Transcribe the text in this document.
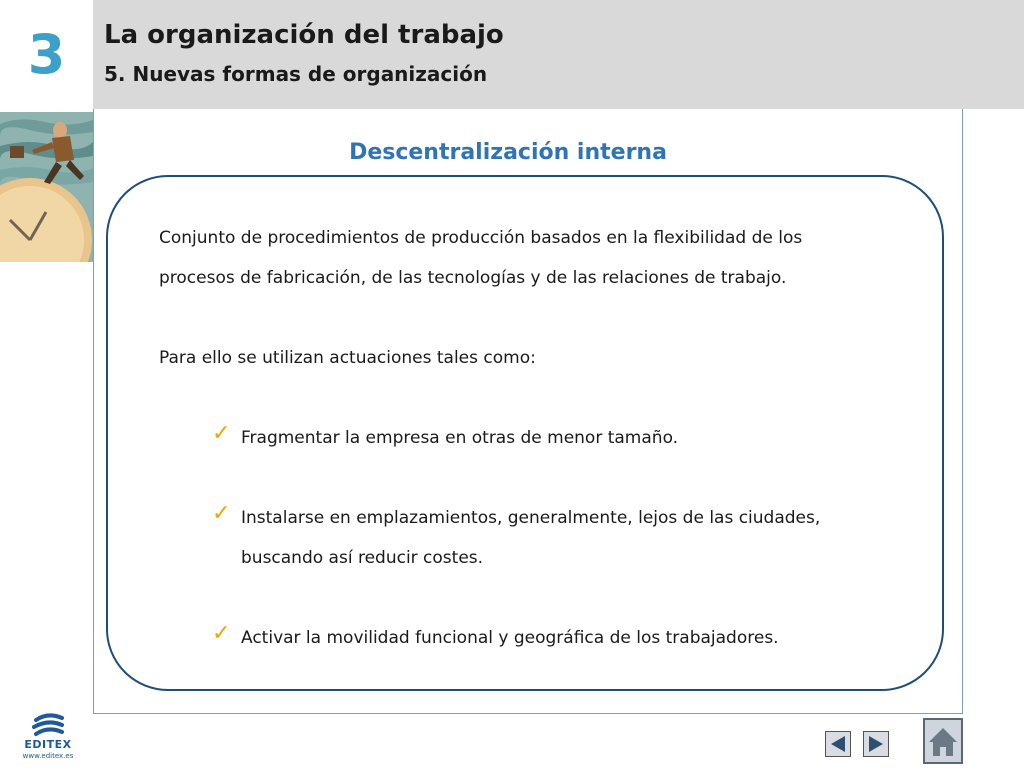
3	La organización del trabajo
5. Nuevas formas de organización
Descentralización interna
Conjunto de procedimientos de producción basados en la flexibilidad de los
procesos de fabricación, de las tecnologías y de las relaciones de trabajo.
Para ello se utilizan actuaciones tales como:
✓ Fragmentar la empresa en otras de menor tamaño.
✓ Instalarse en emplazamientos, generalmente, lejos de las ciudades,
buscando así reducir costes.
✓ Activar la movilidad funcional y geográfica de los trabajadores.
EDITEX
www.editex.es
